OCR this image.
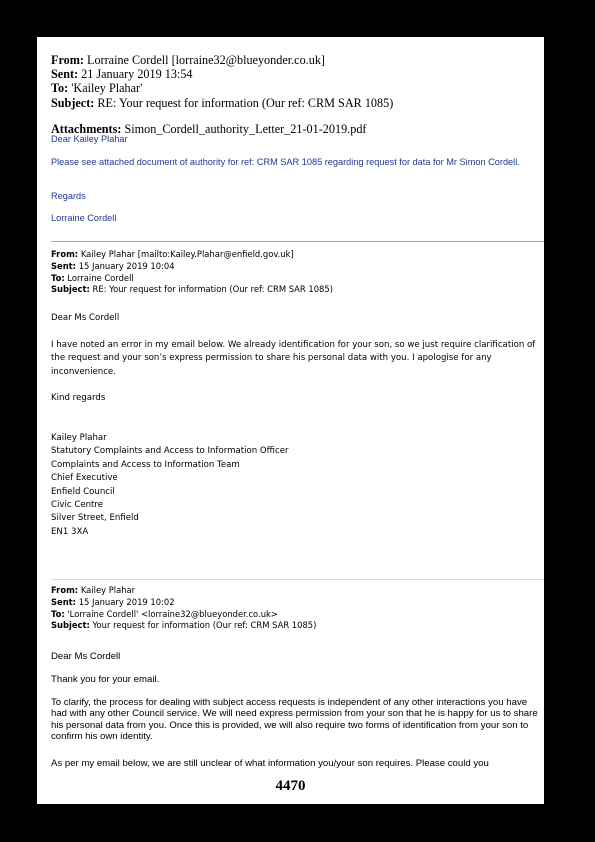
From: Lorraine Cordell [lorraine32@blueyonder.co.uk]

Sent: 21 January 2019 13:54

To: 'Kailey Plahar'

Subject: RE: Your request for information (Our ref: CRM SAR 1085)

Attachments: Simon_Cordell_authority_Letter_21-01-2019.pdf

Dear Kailey Plahar
Please see attached document of authority for ref: CRM SAR 1085 regarding request for data for Mr Simon Cordell.
Regards
Lorraine Cordell

From: Kailey Plahar [mailto:Kailey.Plahar@enfield.gov.uk]

Sent: 15 January 2019 10:04

To: Lorraine Cordell

Subject: RE: Your request for information (Our ref: CRM SAR 1085)

Dear Ms Cordell
I have noted an error in my email below. We already identification for your son, so we just require clarification of the request and your son’s express permission to share his personal data with you. I apologise for any inconvenience.
Kind regards

Kailey Plahar

Statutory Complaints and Access to Information Officer

Complaints and Access to Information Team

Chief Executive

Enfield Council

Civic Centre

Silver Street, Enfield

EN1 3XA

From: Kailey Plahar

Sent: 15 January 2019 10:02

To: 'Lorraine Cordell' <lorraine32@blueyonder.co.uk>

Subject: Your request for information (Our ref: CRM SAR 1085)

Dear Ms Cordell
Thank you for your email.
To clarify, the process for dealing with subject access requests is independent of any other interactions you have had with any other Council service. We will need express permission from your son that he is happy for us to share his personal data from you. Once this is provided, we will also require two forms of identification from your son to confirm his own identity.
As per my email below, we are still unclear of what information you/your son requires. Please could you
4470
